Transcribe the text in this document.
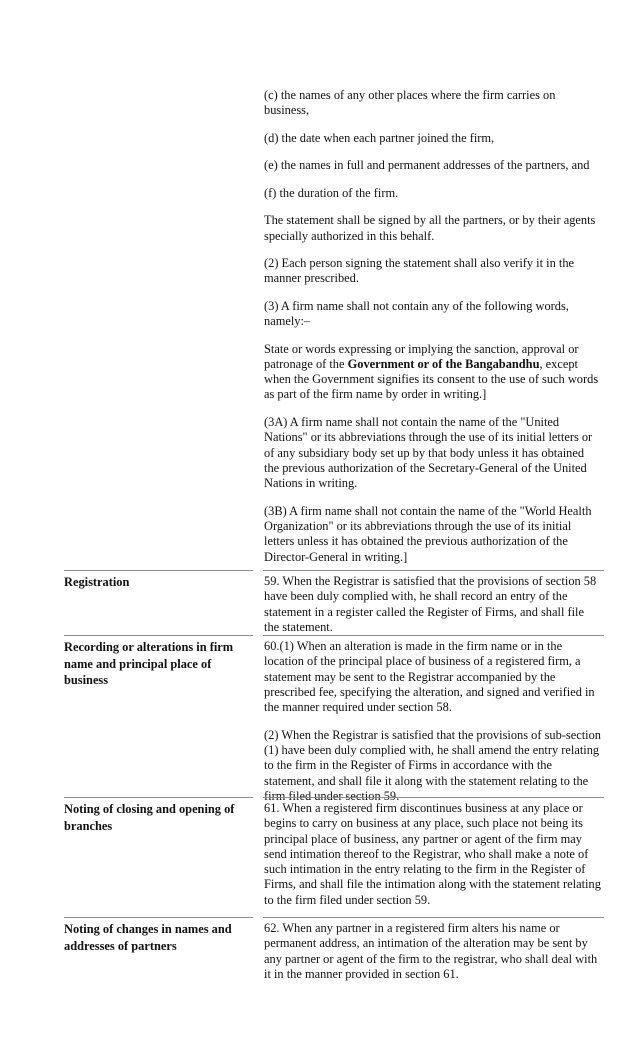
(c) the names of any other places where the firm carries on business,

(d) the date when each partner joined the firm,

(e) the names in full and permanent addresses of the partners, and

(f) the duration of the firm.

The statement shall be signed by all the partners, or by their agents specially authorized in this behalf.

(2) Each person signing the statement shall also verify it in the manner prescribed.

(3) A firm name shall not contain any of the following words, namely:–

State or words expressing or implying the sanction, approval or patronage of the Government or of the Bangabandhu, except when the Government signifies its consent to the use of such words as part of the firm name by order in writing.]

(3A) A firm name shall not contain the name of the "United Nations" or its abbreviations through the use of its initial letters or of any subsidiary body set up by that body unless it has obtained the previous authorization of the Secretary-General of the United Nations in writing.

(3B) A firm name shall not contain the name of the "World Health Organization" or its abbreviations through the use of its initial letters unless it has obtained the previous authorization of the Director-General in writing.]

Registration	59. When the Registrar is satisfied that the provisions of section 58 have been duly complied with, he shall record an entry of the statement in a register called the Register of Firms, and shall file the statement.

Recording or alterations in firm name and principal place of business

60.(1) When an alteration is made in the firm name or in the location of the principal place of business of a registered firm, a statement may be sent to the Registrar accompanied by the prescribed fee, specifying the alteration, and signed and verified in the manner required under section 58.

(2) When the Registrar is satisfied that the provisions of sub-section (1) have been duly complied with, he shall amend the entry relating to the firm in the Register of Firms in accordance with the statement, and shall file it along with the statement relating to the firm filed under section 59.

Noting of closing and opening of branches

61. When a registered firm discontinues business at any place or begins to carry on business at any place, such place not being its principal place of business, any partner or agent of the firm may send intimation thereof to the Registrar, who shall make a note of such intimation in the entry relating to the firm in the Register of Firms, and shall file the intimation along with the statement relating to the firm filed under section 59.

Noting of changes in names and addresses of partners

62. When any partner in a registered firm alters his name or permanent address, an intimation of the alteration may be sent by any partner or agent of the firm to the registrar, who shall deal with it in the manner provided in section 61.
